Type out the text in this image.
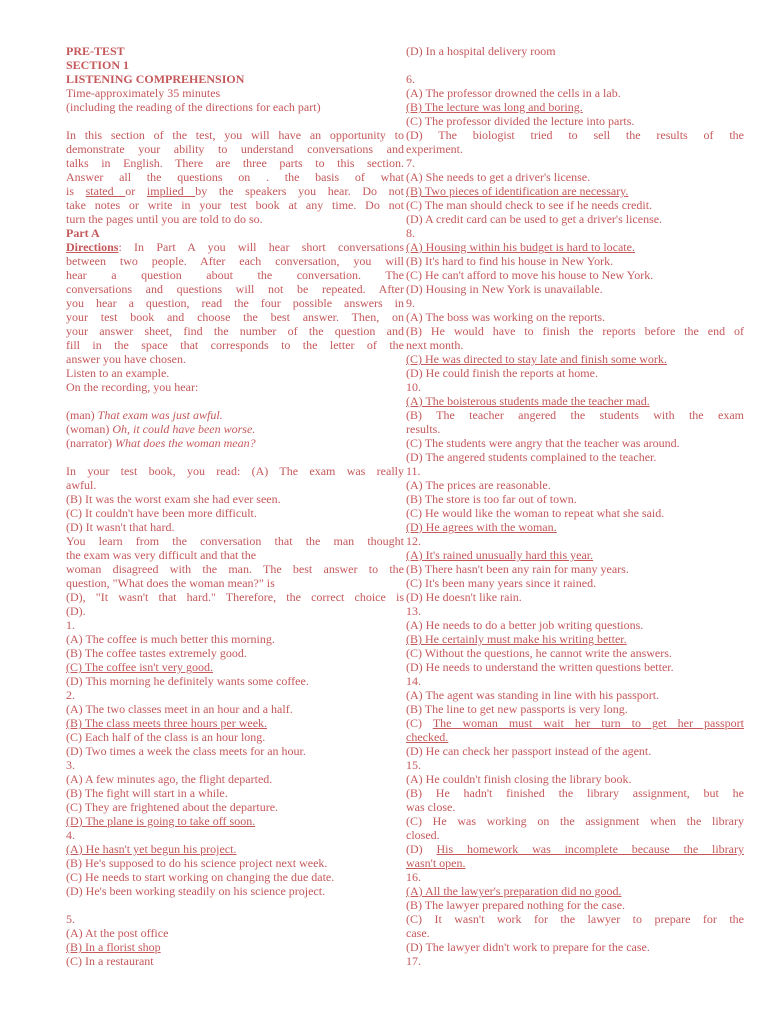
PRE-TEST
SECTION 1
LISTENING COMPREHENSION
Time-approximately 35 minutes
(including the reading of the directions for each part)
In this section of the test, you will have an opportunity to
demonstrate your ability to understand conversations and
talks in English. There are three parts to this section.
Answer all the questions on . the basis of what
is stated or implied by the speakers you hear. Do not
take notes or write in your test book at any time. Do not
turn the pages until you are told to do so.
Part A
Directions: In Part A you will hear short conversations
between two people. After each conversation, you will
hear a question about the conversation. The
conversations and questions will not be repeated. After
you hear a question, read the four possible answers in
your test book and choose the best answer. Then, on
your answer sheet, find the number of the question and
fill in the space that corresponds to the letter of the
answer you have chosen.
Listen to an example.
On the recording, you hear:
(man) That exam was just awful.
(woman) Oh, it could have been worse.
(narrator) What does the woman mean?
In your test book, you read: (A) The exam was really
awful.
(B) It was the worst exam she had ever seen.
(C) It couldn't have been more difficult.
(D) It wasn't that hard.
You learn from the conversation that the man thought
the exam was very difficult and that the
woman disagreed with the man. The best answer to the
question, "What does the woman mean?" is
(D), "It wasn't that hard." Therefore, the correct choice is
(D).
1.
(A) The coffee is much better this morning.
(B) The coffee tastes extremely good.
(C) The coffee isn't very good.
(D) This morning he definitely wants some coffee.
2.
(A) The two classes meet in an hour and a half.
(B) The class meets three hours per week.
(C) Each half of the class is an hour long.
(D) Two times a week the class meets for an hour.
3.
(A) A few minutes ago, the flight departed.
(B) The fight will start in a while.
(C) They are frightened about the departure.
(D) The plane is going to take off soon.
4.
(A) He hasn't yet begun his project.
(B) He's supposed to do his science project next week.
(C) He needs to start working on changing the due date.
(D) He's been working steadily on his science project.
5.
(A) At the post office
(B) In a florist shop
(C) In a restaurant
(D) In a hospital delivery room
6.
(A) The professor drowned the cells in a lab.
(B) The lecture was long and boring.
(C) The professor divided the lecture into parts.
(D) The biologist tried to sell the results of the
experiment.
7.
(A) She needs to get a driver's license.
(B) Two pieces of identification are necessary.
(C) The man should check to see if he needs credit.
(D) A credit card can be used to get a driver's license.
8.
(A) Housing within his budget is hard to locate.
(B) It's hard to find his house in New York.
(C) He can't afford to move his house to New York.
(D) Housing in New York is unavailable.
9.
(A) The boss was working on the reports.
(B) He would have to finish the reports before the end of
next month.
(C) He was directed to stay late and finish some work.
(D) He could finish the reports at home.
10.
(A) The boisterous students made the teacher mad.
(B) The teacher angered the students with the exam
results.
(C) The students were angry that the teacher was around.
(D) The angered students complained to the teacher.
11.
(A) The prices are reasonable.
(B) The store is too far out of town.
(C) He would like the woman to repeat what she said.
(D) He agrees with the woman.
12.
(A) It's rained unusually hard this year.
(B) There hasn't been any rain for many years.
(C) It's been many years since it rained.
(D) He doesn't like rain.
13.
(A) He needs to do a better job writing questions.
(B) He certainly must make his writing better.
(C) Without the questions, he cannot write the answers.
(D) He needs to understand the written questions better.
14.
(A) The agent was standing in line with his passport.
(B) The line to get new passports is very long.
(C) The woman must wait her turn to get her passport
checked.
(D) He can check her passport instead of the agent.
15.
(A) He couldn't finish closing the library book.
(B) He hadn't finished the library assignment, but he
was close.
(C) He was working on the assignment when the library
closed.
(D) His homework was incomplete because the library
wasn't open.
16.
(A) All the lawyer's preparation did no good.
(B) The lawyer prepared nothing for the case.
(C) It wasn't work for the lawyer to prepare for the
case.
(D) The lawyer didn't work to prepare for the case.
17.
